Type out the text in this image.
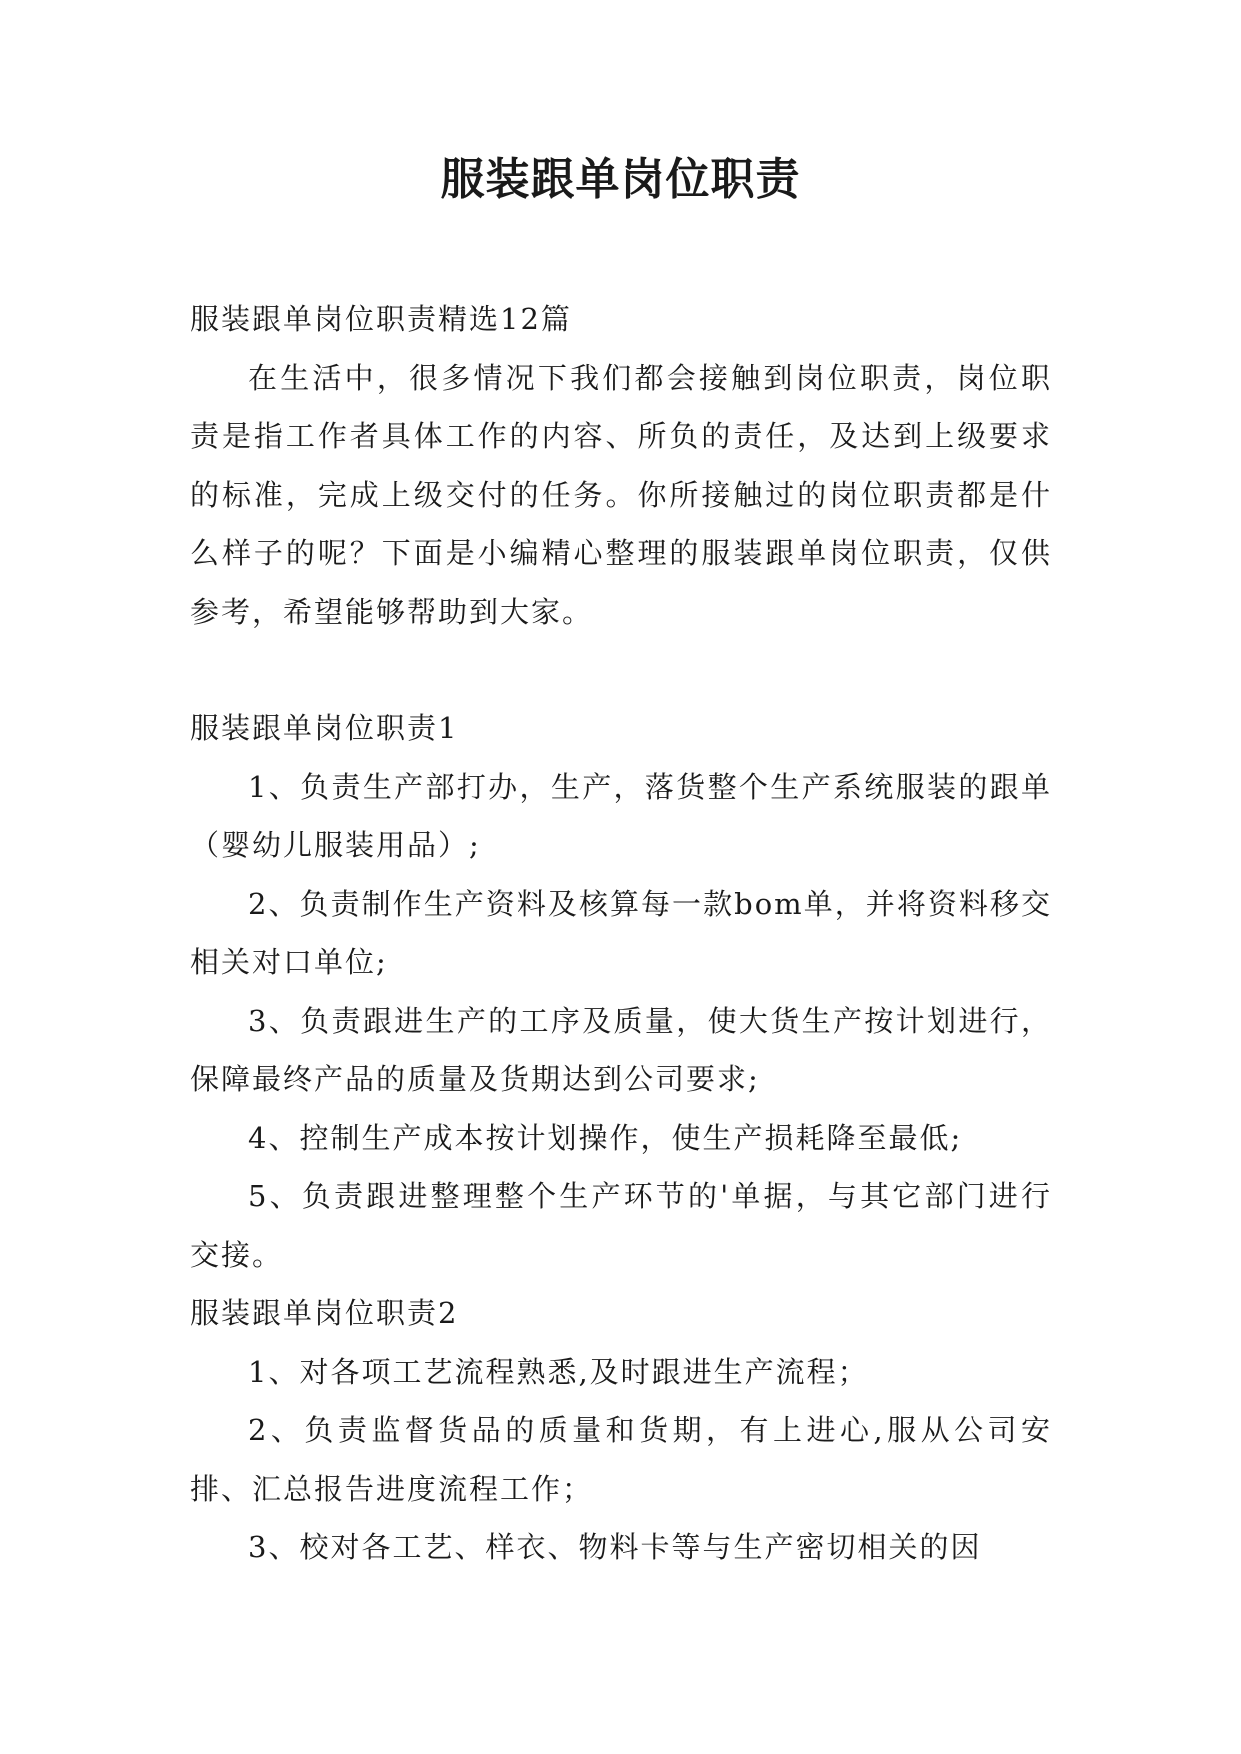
服装跟单岗位职责

服装跟单岗位职责精选12篇

在生活中，很多情况下我们都会接触到岗位职责，岗位职责是指工作者具体工作的内容、所负的责任，及达到上级要求的标准，完成上级交付的任务。你所接触过的岗位职责都是什么样子的呢？下面是小编精心整理的服装跟单岗位职责，仅供参考，希望能够帮助到大家。

服装跟单岗位职责1

1、负责生产部打办，生产，落货整个生产系统服装的跟单（婴幼儿服装用品）;

2、负责制作生产资料及核算每一款bom单，并将资料移交相关对口单位;

3、负责跟进生产的工序及质量，使大货生产按计划进行，保障最终产品的质量及货期达到公司要求;

4、控制生产成本按计划操作，使生产损耗降至最低;

5、负责跟进整理整个生产环节的'单据，与其它部门进行交接。

服装跟单岗位职责2

1、对各项工艺流程熟悉,及时跟进生产流程；

2、负责监督货品的质量和货期，有上进心,服从公司安排、汇总报告进度流程工作；

3、校对各工艺、样衣、物料卡等与生产密切相关的因
